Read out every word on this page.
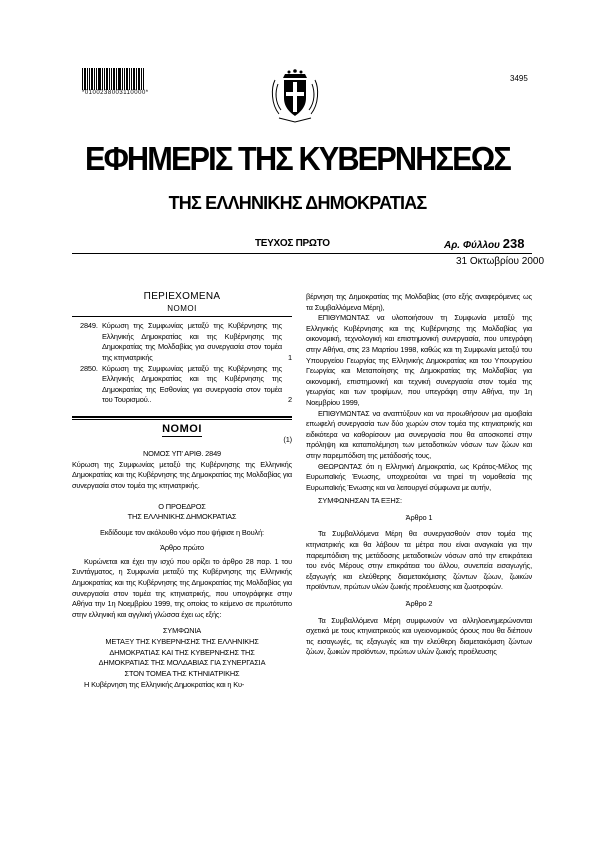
*0100238003110000*
3495
ΕΦΗΜΕΡΙΣ ΤΗΣ ΚΥΒΕΡΝΗΣΕΩΣ
ΤΗΣ ΕΛΛΗΝΙΚΗΣ ΔΗΜΟΚΡΑΤΙΑΣ
ΤΕΥΧΟΣ ΠΡΩΤΟ	Αρ. Φύλλου 238
31 Οκτωβρίου 2000

ΠΕΡΙΕΧΟΜΕΝΑ

ΝΟΜΟΙ

2849. Κύρωση της Συμφωνίας μεταξύ της Κυβέρνησης της Ελληνικής Δημοκρατίας και της Κυβέρνησης της Δημοκρατίας της Μολδαβίας για συνεργασία στον τομέα της κτηνιατρικής	1
2850. Κύρωση της Συμφωνίας μεταξύ της Κυβέρνησης της Ελληνικής Δημοκρατίας και της Κυβέρνησης της Δημοκρατίας της Εσθονίας για συνεργασία στον τομέα του Τουρισμού..	2

ΝΟΜΟΙ

(1)

ΝΟΜΟΣ ΥΠ' ΑΡΙΘ. 2849

Κύρωση της Συμφωνίας μεταξύ της Κυβέρνησης της Ελληνικής Δημοκρατίας και της Κυβέρνησης της Δημοκρατίας της Μολδαβίας για συνεργασία στον τομέα της κτηνιατρικής.

Ο ΠΡΟΕΔΡΟΣ

ΤΗΣ ΕΛΛΗΝΙΚΗΣ ΔΗΜΟΚΡΑΤΙΑΣ

Εκδίδουμε τον ακόλουθο νόμο που ψήφισε η Βουλή:

Άρθρο πρώτο

Κυρώνεται και έχει την ισχύ που ορίζει το άρθρο 28 παρ. 1 του Συντάγματος, η Συμφωνία μεταξύ της Κυβέρνησης της Ελληνικής Δημοκρατίας και της Κυβέρνησης της Δημοκρατίας της Μολδαβίας για συνεργασία στον τομέα της κτηνιατρικής, που υπογράφηκε στην Αθήνα την 1η Νοεμβρίου 1999, της οποίας το κείμενο σε πρωτότυπο στην ελληνική και αγγλική γλώσσα έχει ως εξής:

ΣΥΜΦΩΝΙΑ

ΜΕΤΑΞΥ ΤΗΣ ΚΥΒΕΡΝΗΣΗΣ ΤΗΣ ΕΛΛΗΝΙΚΗΣ

ΔΗΜΟΚΡΑΤΙΑΣ ΚΑΙ ΤΗΣ ΚΥΒΕΡΝΗΣΗΣ ΤΗΣ

ΔΗΜΟΚΡΑΤΙΑΣ ΤΗΣ ΜΟΛΔΑΒΙΑΣ ΓΙΑ ΣΥΝΕΡΓΑΣΙΑ

ΣΤΟΝ ΤΟΜΕΑ ΤΗΣ ΚΤΗΝΙΑΤΡΙΚΗΣ

Η Κυβέρνηση της Ελληνικής Δημοκρατίας και η Κυ-

βέρνηση της Δημοκρατίας της Μολδαβίας (στο εξής αναφερόμενες ως τα Συμβαλλόμενα Μέρη),

ΕΠΙΘΥΜΩΝΤΑΣ να υλοποιήσουν τη Συμφωνία μεταξύ της Ελληνικής Κυβέρνησης και της Κυβέρνησης της Μολδαβίας για οικονομική, τεχνολογική και επιστημονική συνεργασία, που υπεγράφη στην Αθήνα, στις 23 Μαρτίου 1998, καθώς και τη Συμφωνία μεταξύ του Υπουργείου Γεωργίας της Ελληνικής Δημοκρατίας και του Υπουργείου Γεωργίας και Μεταποίησης της Δημοκρατίας της Μολδαβίας για οικονομική, επιστημονική και τεχνική συνεργασία στον τομέα της γεωργίας και των τροφίμων, που υπεγράφη στην Αθήνα, την 1η Νοεμβρίου 1999,

ΕΠΙΘΥΜΩΝΤΑΣ να αναπτύξουν και να προωθήσουν μια αμοιβαία επωφελή συνεργασία των δύο χωρών στον τομέα της κτηνιατρικής και ειδικότερα να καθορίσουν μια συνεργασία που θα αποσκοπεί στην πρόληψη και καταπολέμηση των μεταδοτικών νόσων των ζώων και στην παρεμπόδιση της μετάδοσής τους,

ΘΕΩΡΩΝΤΑΣ ότι η Ελληνική Δημοκρατία, ως Κράτος-Μέλος της Ευρωπαϊκής Ένωσης, υποχρεούται να τηρεί τη νομοθεσία της Ευρωπαϊκής Ένωσης και να λειτουργεί σύμφωνα με αυτήν,

ΣΥΜΦΩΝΗΣΑΝ ΤΑ ΕΞΗΣ:

Άρθρο 1

Τα Συμβαλλόμενα Μέρη θα συνεργασθούν στον τομέα της κτηνιατρικής και θα λάβουν τα μέτρα που είναι αναγκαία για την παρεμπόδιση της μετάδοσης μεταδοτικών νόσων από την επικράτεια του ενός Μέρους στην επικράτεια του άλλου, συνεπεία εισαγωγής, εξαγωγής και ελεύθερης διαμετακόμισης ζώντων ζώων, ζωικών προϊόντων, πρώτων υλών ζωικής προέλευσης και ζωοτροφών.

Άρθρο 2

Τα Συμβαλλόμενα Μέρη συμφωνούν να αλληλοενημερώνονται σχετικά με τους κτηνιατρικούς και υγειονομικούς όρους που θα διέπουν τις εισαγωγές, τις εξαγωγές και την ελεύθερη διαμετακόμιση ζώντων ζώων, ζωικών προϊόντων, πρώτων υλών ζωικής προέλευσης
